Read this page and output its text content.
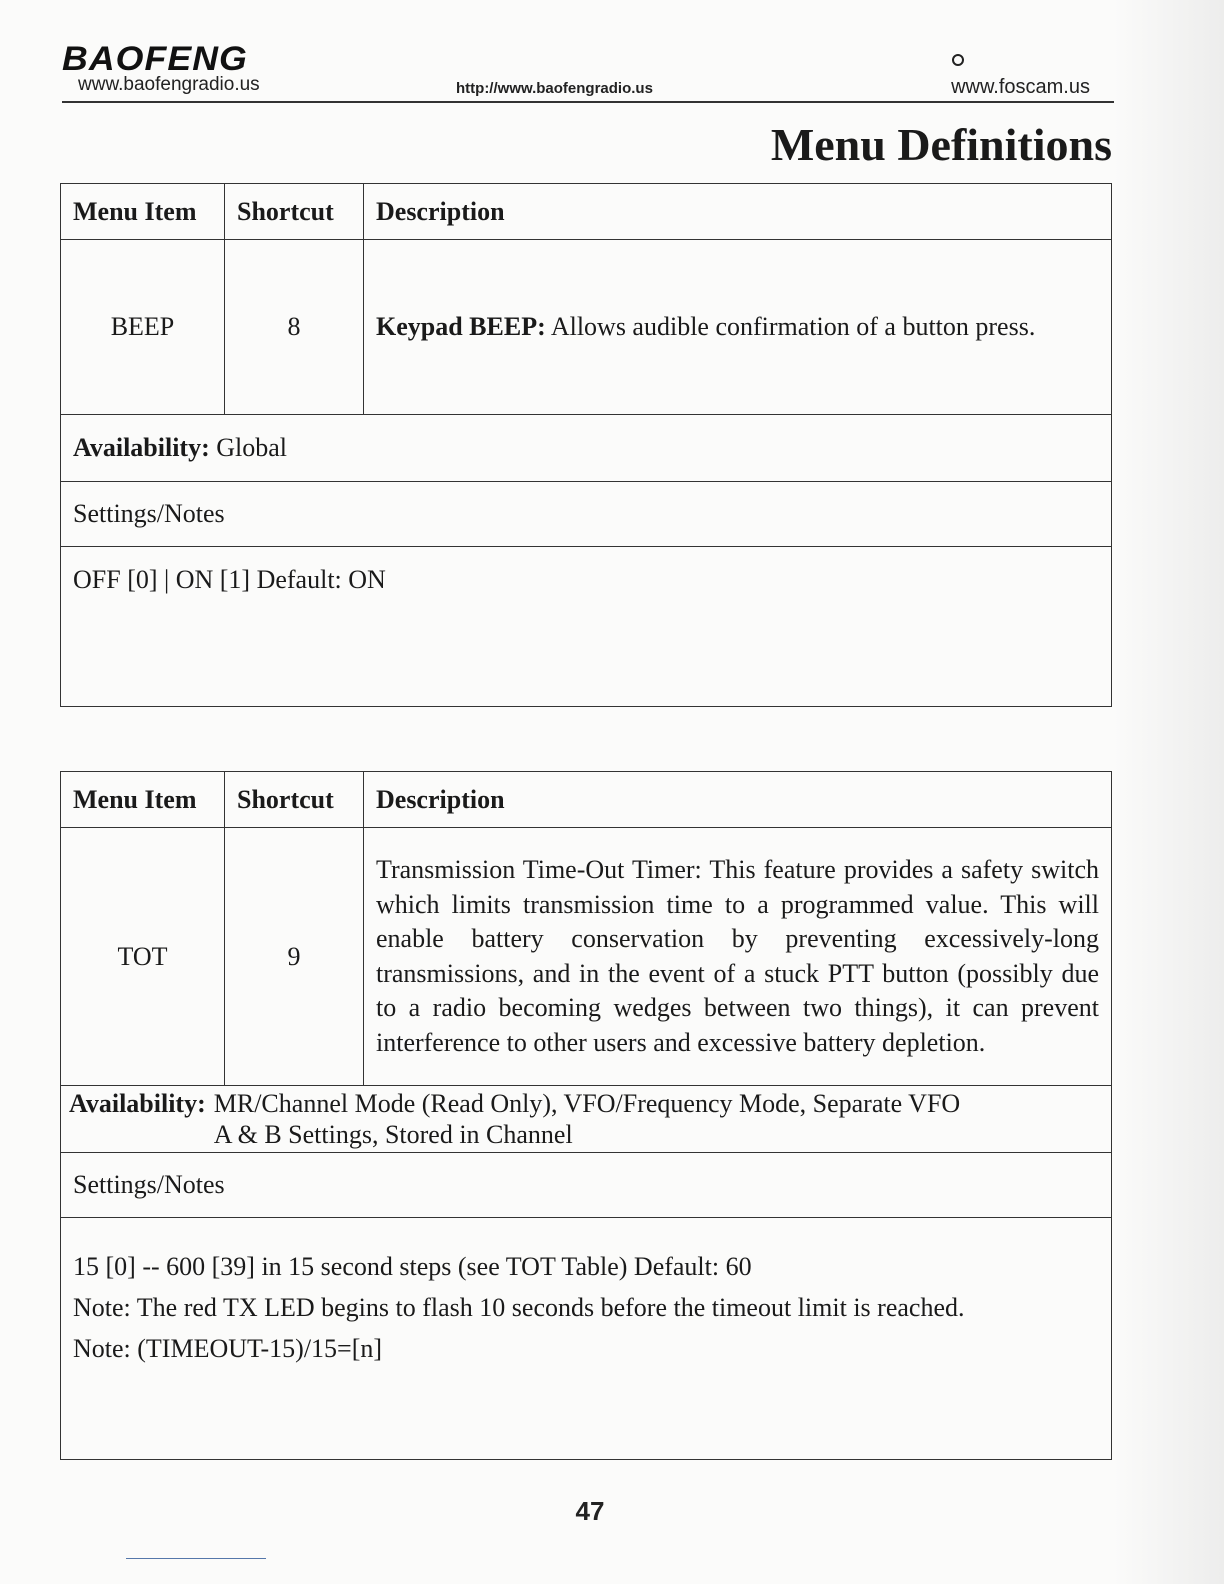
BAOFENG
www.baofengradio.us	http://www.baofengradio.us	www.foscam.us
Menu Definitions
Menu Item	Shortcut	Description
BEEP	8	Keypad BEEP: Allows audible confirmation of a button press.
Availability: Global		
Settings/Notes		

OFF [0] | ON [1] Default: ON		

Menu Item	Shortcut	Description
TOT	9	Transmission Time-Out Timer: This feature provides a safety switch which limits transmission time to a programmed value. This will enable battery conservation by preventing excessively-long transmissions, and in the event of a stuck PTT button (possibly due to a radio becoming wedges between two things), it can prevent interference to other users and excessive battery depletion.

Availability: MR/Channel Mode (Read Only), VFO/Frequency Mode, Separate VFO
A & B Settings, Stored in Channel		

Settings/Notes		

15 [0] -- 600 [39] in 15 second steps (see TOT Table) Default: 60

Note: The red TX LED begins to flash 10 seconds before the timeout limit is reached.

Note: (TIMEOUT-15)/15=[n]		

47
